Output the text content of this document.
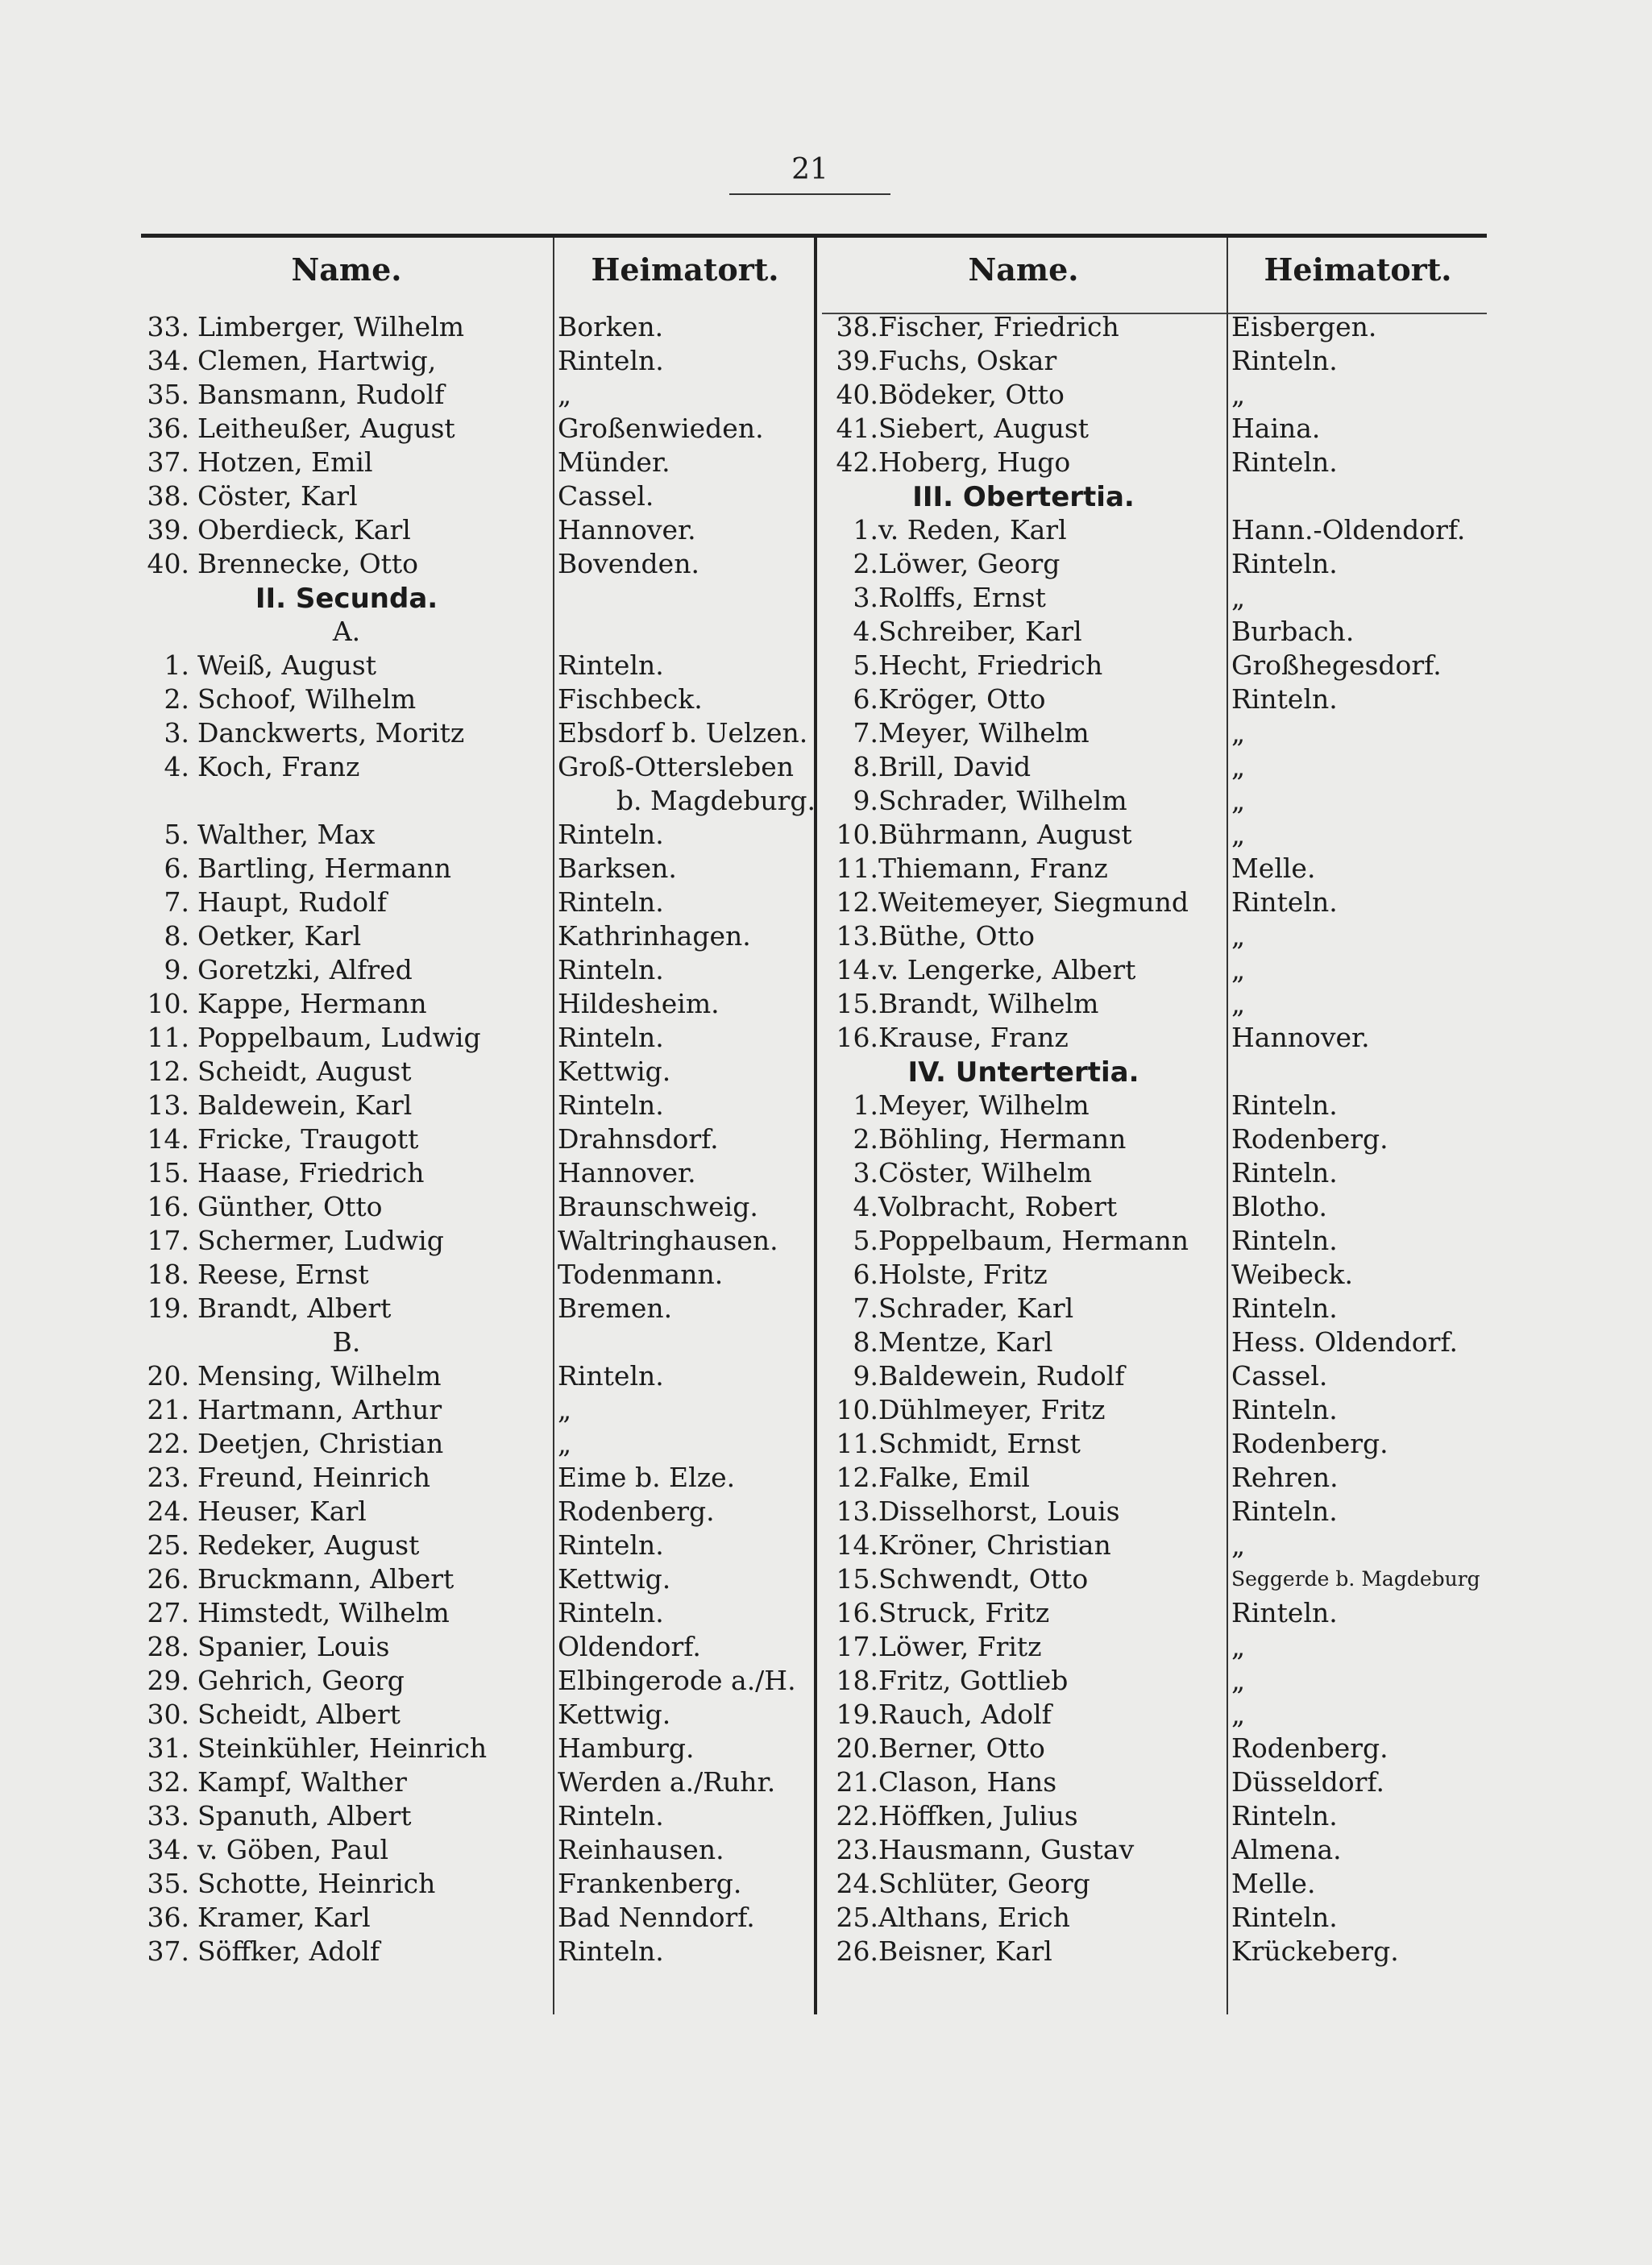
21
Name.	Heimatort.	Name.	Heimatort.
33. Limberger, Wilhelm	Borken.
34. Clemen, Hartwig,	Rinteln.
35. Bansmann, Rudolf	„
36. Leitheußer, August	Großenwieden.
37. Hotzen, Emil	Münder.
38. Cöster, Karl	Cassel.
39. Oberdieck, Karl	Hannover.
40. Brennecke, Otto	Bovenden.
II. Secunda.
A.
1. Weiß, August	Rinteln.
2. Schoof, Wilhelm	Fischbeck.
3. Danckwerts, Moritz	Ebsdorf b. Uelzen.
4. Koch, Franz	Groß-Ottersleben
b. Magdeburg.
5. Walther, Max	Rinteln.
6. Bartling, Hermann	Barksen.
7. Haupt, Rudolf	Rinteln.
8. Oetker, Karl	Kathrinhagen.
9. Goretzki, Alfred	Rinteln.
10. Kappe, Hermann	Hildesheim.
11. Poppelbaum, Ludwig	Rinteln.
12. Scheidt, August	Kettwig.
13. Baldewein, Karl	Rinteln.
14. Fricke, Traugott	Drahnsdorf.
15. Haase, Friedrich	Hannover.
16. Günther, Otto	Braunschweig.
17. Schermer, Ludwig	Waltringhausen.
18. Reese, Ernst	Todenmann.
19. Brandt, Albert	Bremen.
B.
20. Mensing, Wilhelm	Rinteln.
21. Hartmann, Arthur	„
22. Deetjen, Christian	„
23. Freund, Heinrich	Eime b. Elze.
24. Heuser, Karl	Rodenberg.
25. Redeker, August	Rinteln.
26. Bruckmann, Albert	Kettwig.
27. Himstedt, Wilhelm	Rinteln.
28. Spanier, Louis	Oldendorf.
29. Gehrich, Georg	Elbingerode a./H.
30. Scheidt, Albert	Kettwig.
31. Steinkühler, Heinrich	Hamburg.
32. Kampf, Walther	Werden a./Ruhr.
33. Spanuth, Albert	Rinteln.
34. v. Göben, Paul	Reinhausen.
35. Schotte, Heinrich	Frankenberg.
36. Kramer, Karl	Bad Nenndorf.
37. Söffker, Adolf	Rinteln.
38. Fischer, Friedrich	Eisbergen.
39. Fuchs, Oskar	Rinteln.
40. Bödeker, Otto	„
41. Siebert, August	Haina.
42. Hoberg, Hugo	Rinteln.
III. Obertertia.
1. v. Reden, Karl	Hann.-Oldendorf.
2. Löwer, Georg	Rinteln.
3. Rolffs, Ernst	„
4. Schreiber, Karl	Burbach.
5. Hecht, Friedrich	Großhegesdorf.
6. Kröger, Otto	Rinteln.
7. Meyer, Wilhelm	„
8. Brill, David	„
9. Schrader, Wilhelm	„
10. Bührmann, August	„
11. Thiemann, Franz	Melle.
12. Weitemeyer, Siegmund Rinteln.
13. Büthe, Otto	„
14. v. Lengerke, Albert	„
15. Brandt, Wilhelm	„
16. Krause, Franz	Hannover.
IV. Untertertia.
1. Meyer, Wilhelm	Rinteln.
2. Böhling, Hermann	Rodenberg.
3. Cöster, Wilhelm	Rinteln.
4. Volbracht, Robert	Blotho.
5. Poppelbaum, Hermann Rinteln.
6. Holste, Fritz	Weibeck.
7. Schrader, Karl	Rinteln.
8. Mentze, Karl	Hess. Oldendorf.
9. Baldewein, Rudolf	Cassel.
10. Dühlmeyer, Fritz	Rinteln.
11. Schmidt, Ernst	Rodenberg.
12. Falke, Emil	Rehren.
13. Disselhorst, Louis	Rinteln.
14. Kröner, Christian	„
15. Schwendt, Otto	Seggerde b. Magdeburg
16. Struck, Fritz	Rinteln.
17. Löwer, Fritz	„
18. Fritz, Gottlieb	„
19. Rauch, Adolf	„
20. Berner, Otto	Rodenberg.
21. Clason, Hans	Düsseldorf.
22. Höffken, Julius	Rinteln.
23. Hausmann, Gustav	Almena.
24. Schlüter, Georg	Melle.
25. Althans, Erich	Rinteln.
26. Beisner, Karl	Krückeberg.
